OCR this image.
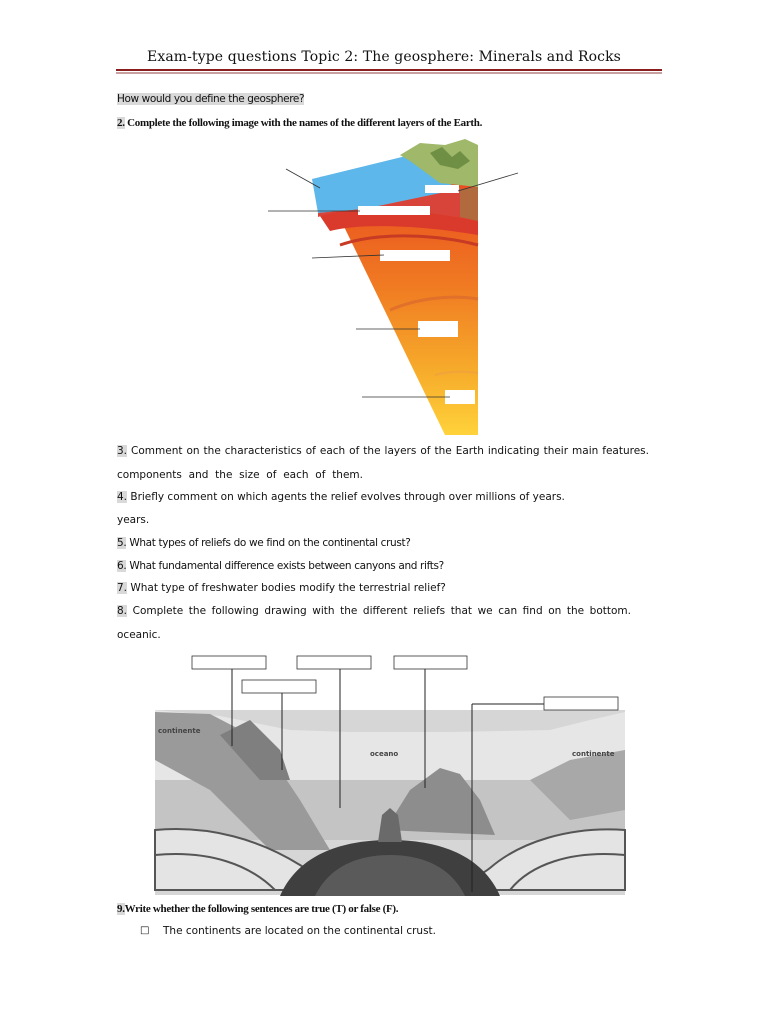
Exam-type questions Topic 2: The geosphere: Minerals and Rocks
How would you define the geosphere?
2. Complete the following image with the names of the different layers of the Earth.
3. Comment on the characteristics of each of the layers of the Earth indicating their main features.
components and the size of each of them.
4. Briefly comment on which agents the relief evolves through over millions of years.
years.
5. What types of reliefs do we find on the continental crust?
6. What fundamental difference exists between canyons and rifts?
7. What type of freshwater bodies modify the terrestrial relief?
8. Complete the following drawing with the different reliefs that we can find on the bottom.
oceanic.
continente
oceano	continente
9.Write whether the following sentences are true (T) or false (F).
□ The continents are located on the continental crust.
